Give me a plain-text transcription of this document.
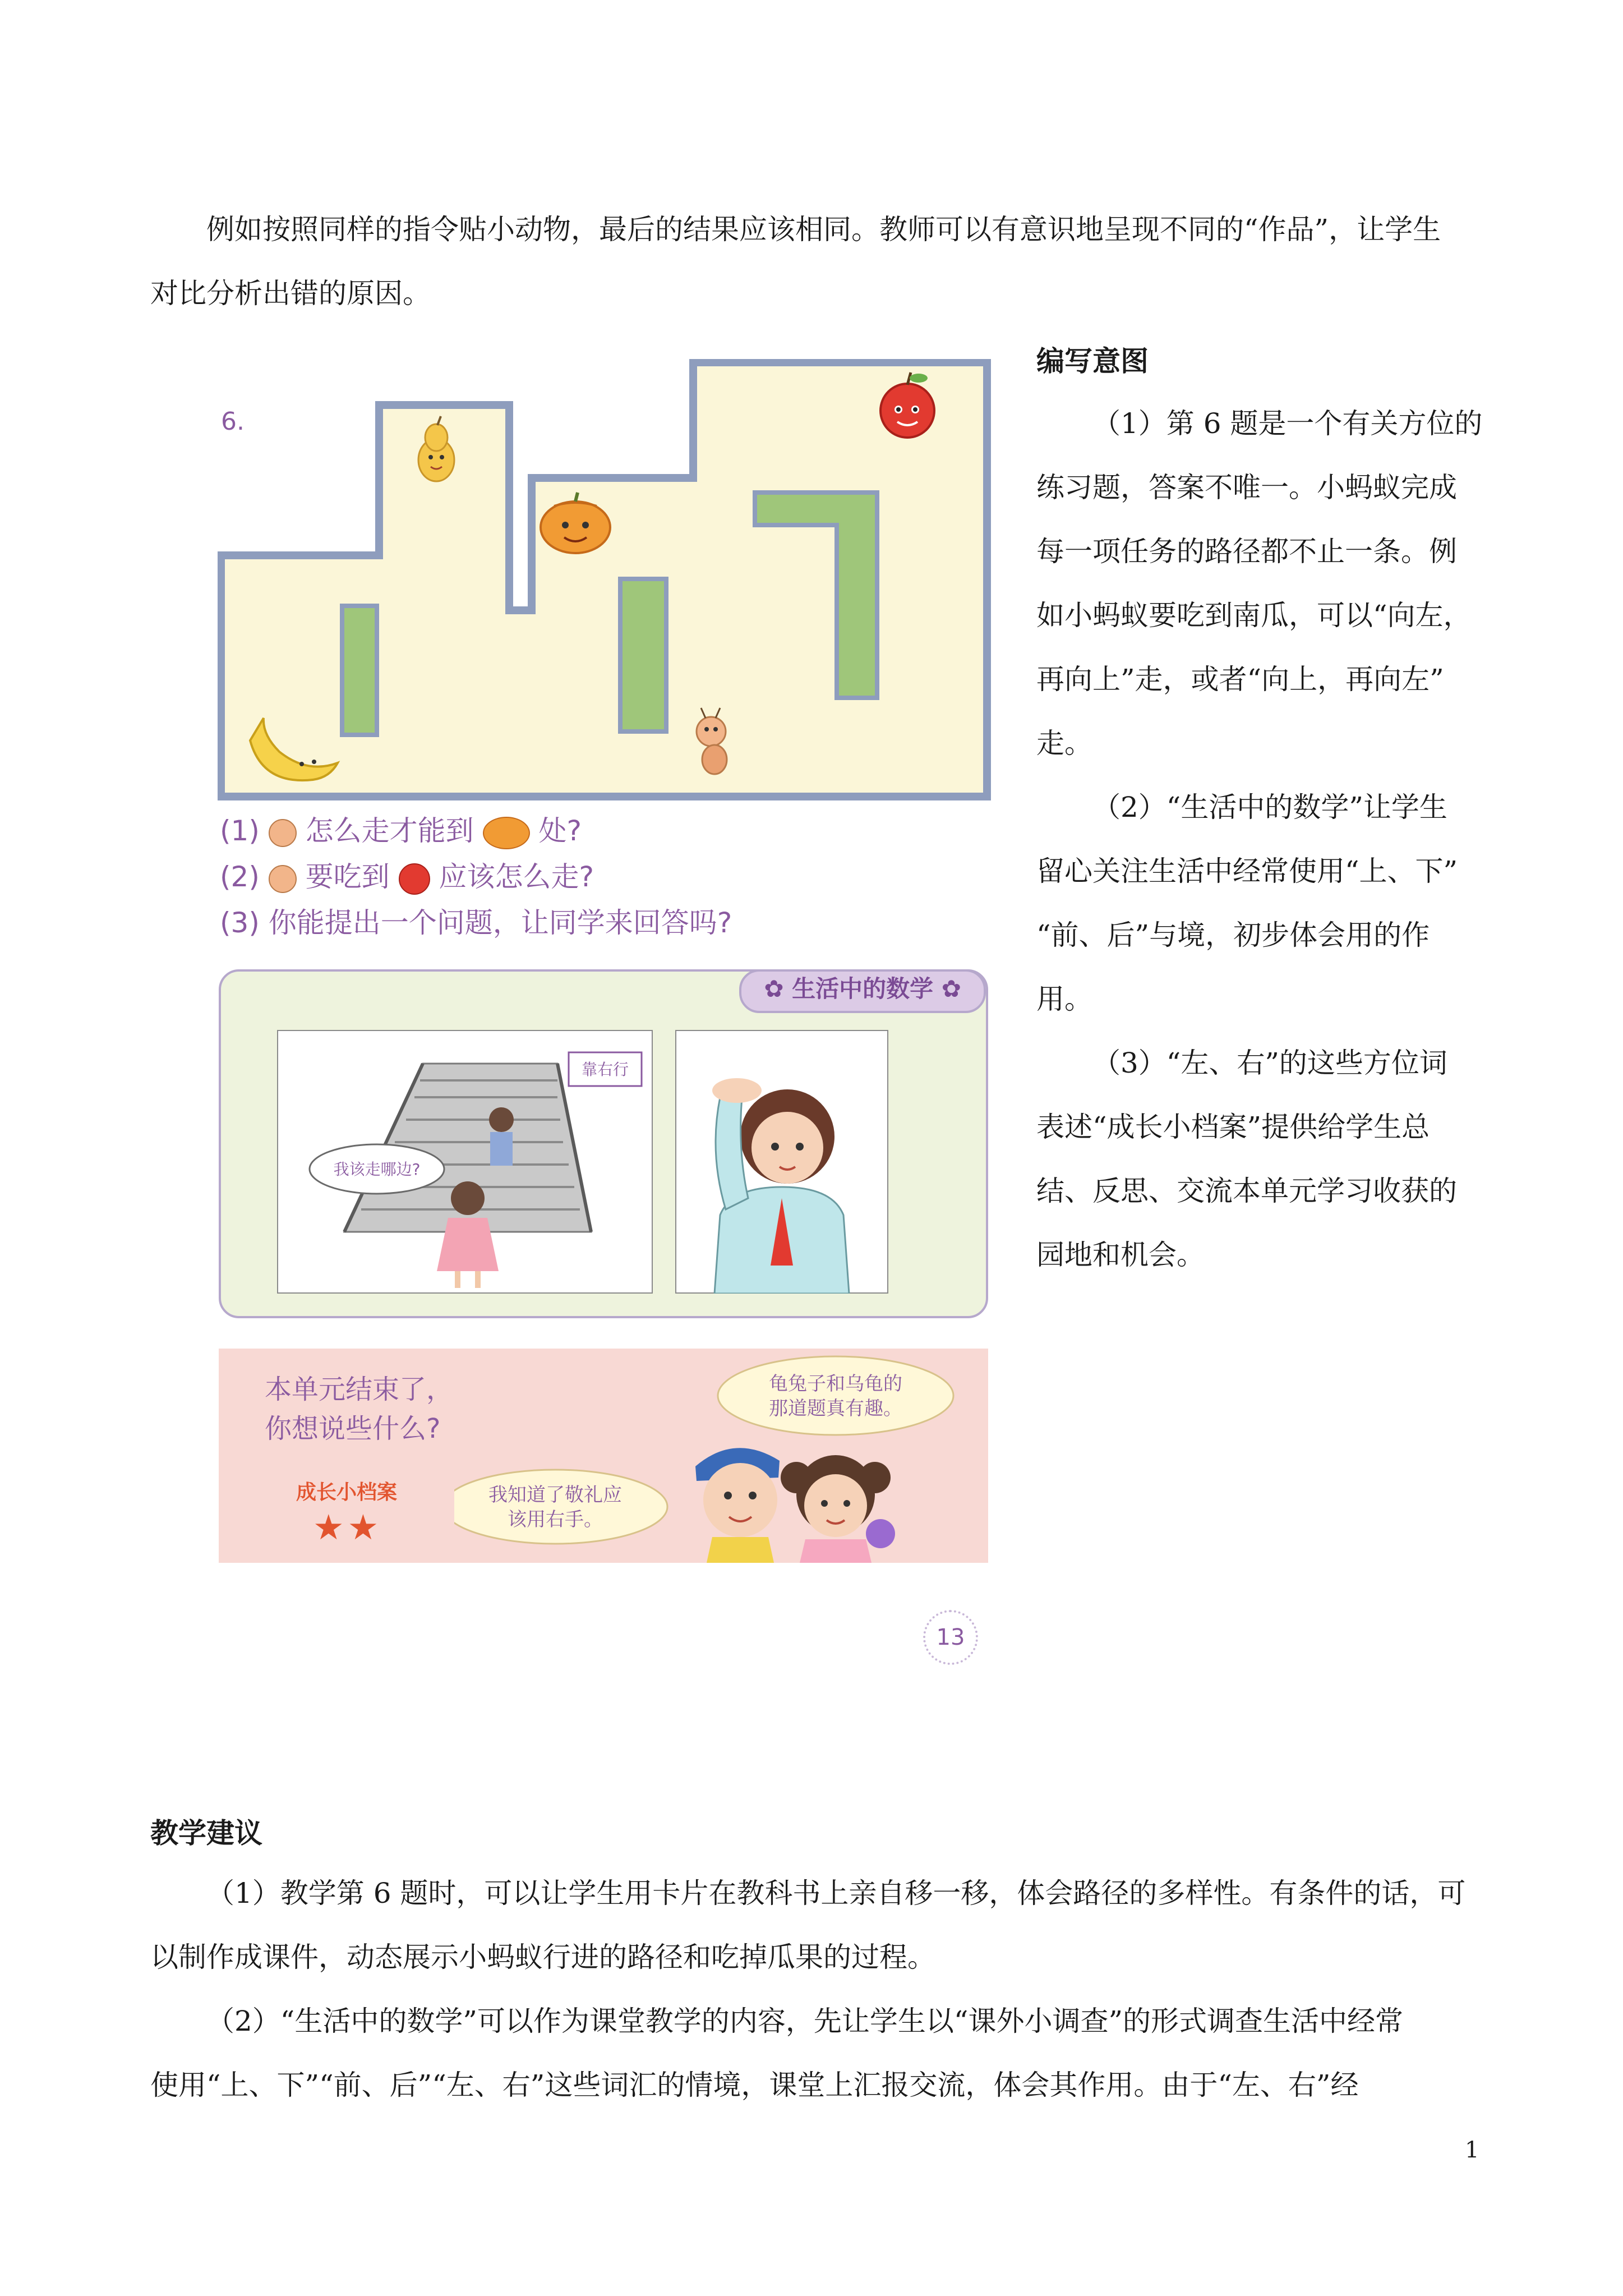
例如按照同样的指令贴小动物，最后的结果应该相同。教师可以有意识地呈现不同的“作品”，让学生
对比分析出错的原因。
编写意图
（1）第 6 题是一个有关方位的
练习题，答案不唯一。小蚂蚁完成
每一项任务的路径都不止一条。例
如小蚂蚁要吃到南瓜，可以“向左，
再向上”走，或者“向上，再向左”
走。
（2）“生活中的数学”让学生
留心关注生活中经常使用“上、下”
“前、后”与境，初步体会用的作
用。
（3）“左、右”的这些方位词
表述“成长小档案”提供给学生总
结、反思、交流本单元学习收获的
园地和机会。
6.
(1) 怎么走才能到 处?
(2) 要吃到 应该怎么走?
(3) 你能提出一个问题，让同学来回答吗?
✿ 生活中的数学 ✿
靠右行
我该走哪边?
本单元结束了，
你想说些什么?
成长小档案
★★
龟兔子和乌龟的
那道题真有趣。
我知道了敬礼应
该用右手。
13
教学建议
（1）教学第 6 题时，可以让学生用卡片在教科书上亲自移一移，体会路径的多样性。有条件的话，可
以制作成课件，动态展示小蚂蚁行进的路径和吃掉瓜果的过程。
（2）“生活中的数学”可以作为课堂教学的内容，先让学生以“课外小调查”的形式调查生活中经常
使用“上、下”“前、后”“左、右”这些词汇的情境，课堂上汇报交流，体会其作用。由于“左、右”经
1
